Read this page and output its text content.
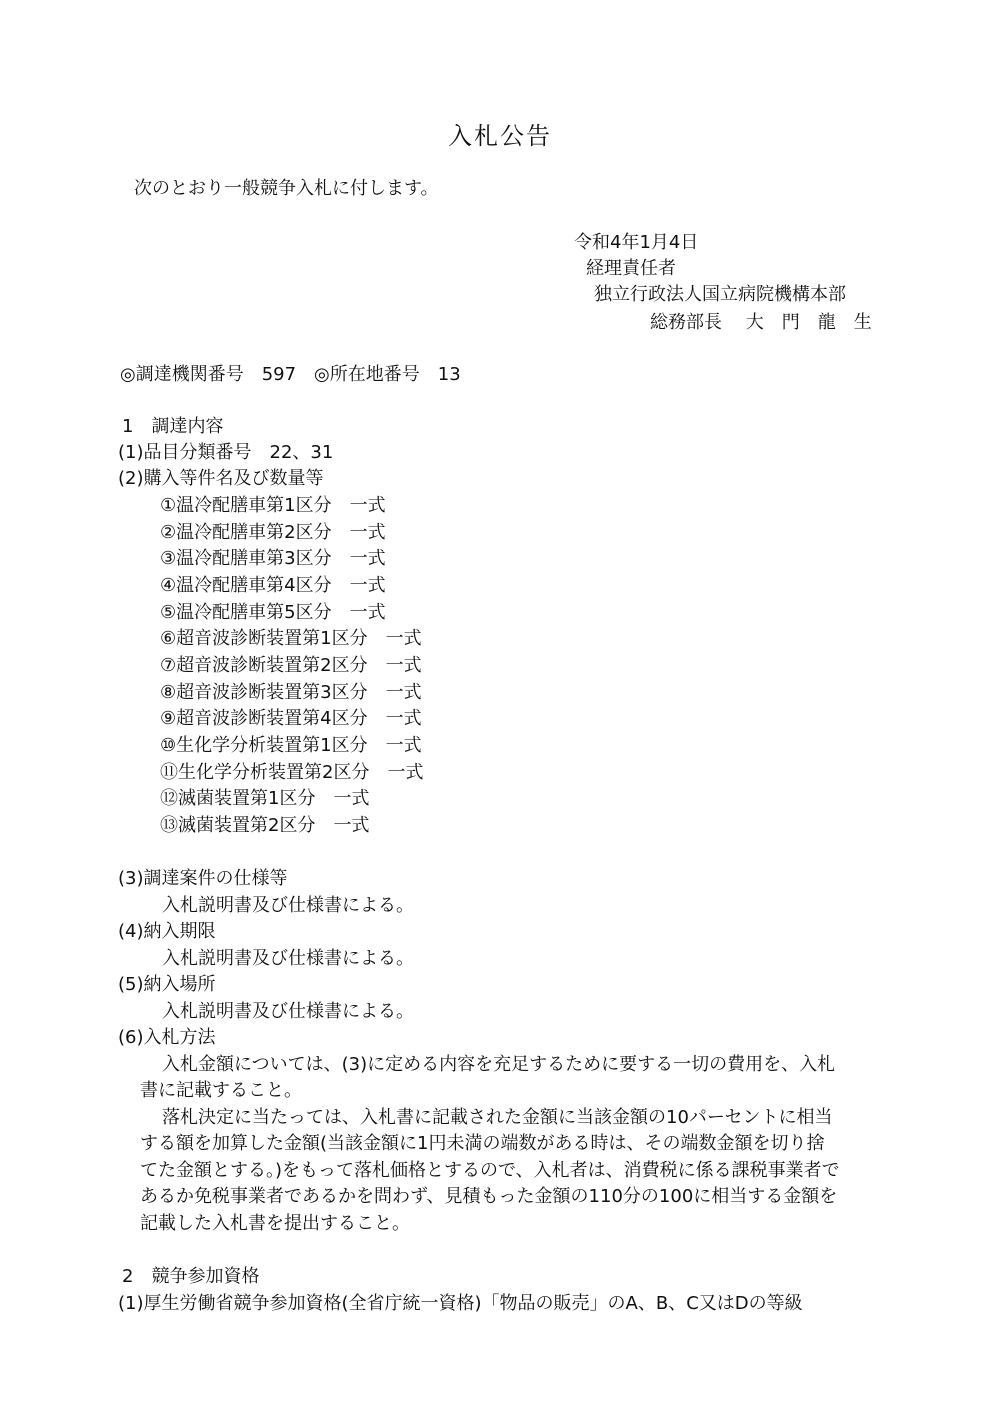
入札公告
次のとおり一般競争入札に付します。
令和4年1月4日
経理責任者
独立行政法人国立病院機構本部
総務部長　 大　門　龍　生
◎調達機関番号　597　◎所在地番号　13
1　調達内容
(1)品目分類番号　22、31
(2)購入等件名及び数量等
①温冷配膳車第1区分　一式
②温冷配膳車第2区分　一式
③温冷配膳車第3区分　一式
④温冷配膳車第4区分　一式
⑤温冷配膳車第5区分　一式
⑥超音波診断装置第1区分　一式
⑦超音波診断装置第2区分　一式
⑧超音波診断装置第3区分　一式
⑨超音波診断装置第4区分　一式
⑩生化学分析装置第1区分　一式
⑪生化学分析装置第2区分　一式
⑫滅菌装置第1区分　一式
⑬滅菌装置第2区分　一式
(3)調達案件の仕様等
入札説明書及び仕様書による。
(4)納入期限
入札説明書及び仕様書による。
(5)納入場所
入札説明書及び仕様書による。
(6)入札方法
入札金額については、(3)に定める内容を充足するために要する一切の費用を、入札
書に記載すること。
落札決定に当たっては、入札書に記載された金額に当該金額の10パーセントに相当
する額を加算した金額(当該金額に1円未満の端数がある時は、その端数金額を切り捨
てた金額とする。)をもって落札価格とするので、入札者は、消費税に係る課税事業者で
あるか免税事業者であるかを問わず、見積もった金額の110分の100に相当する金額を
記載した入札書を提出すること。
2　競争参加資格
(1)厚生労働省競争参加資格(全省庁統一資格)「物品の販売」のA、B、C又はDの等級
